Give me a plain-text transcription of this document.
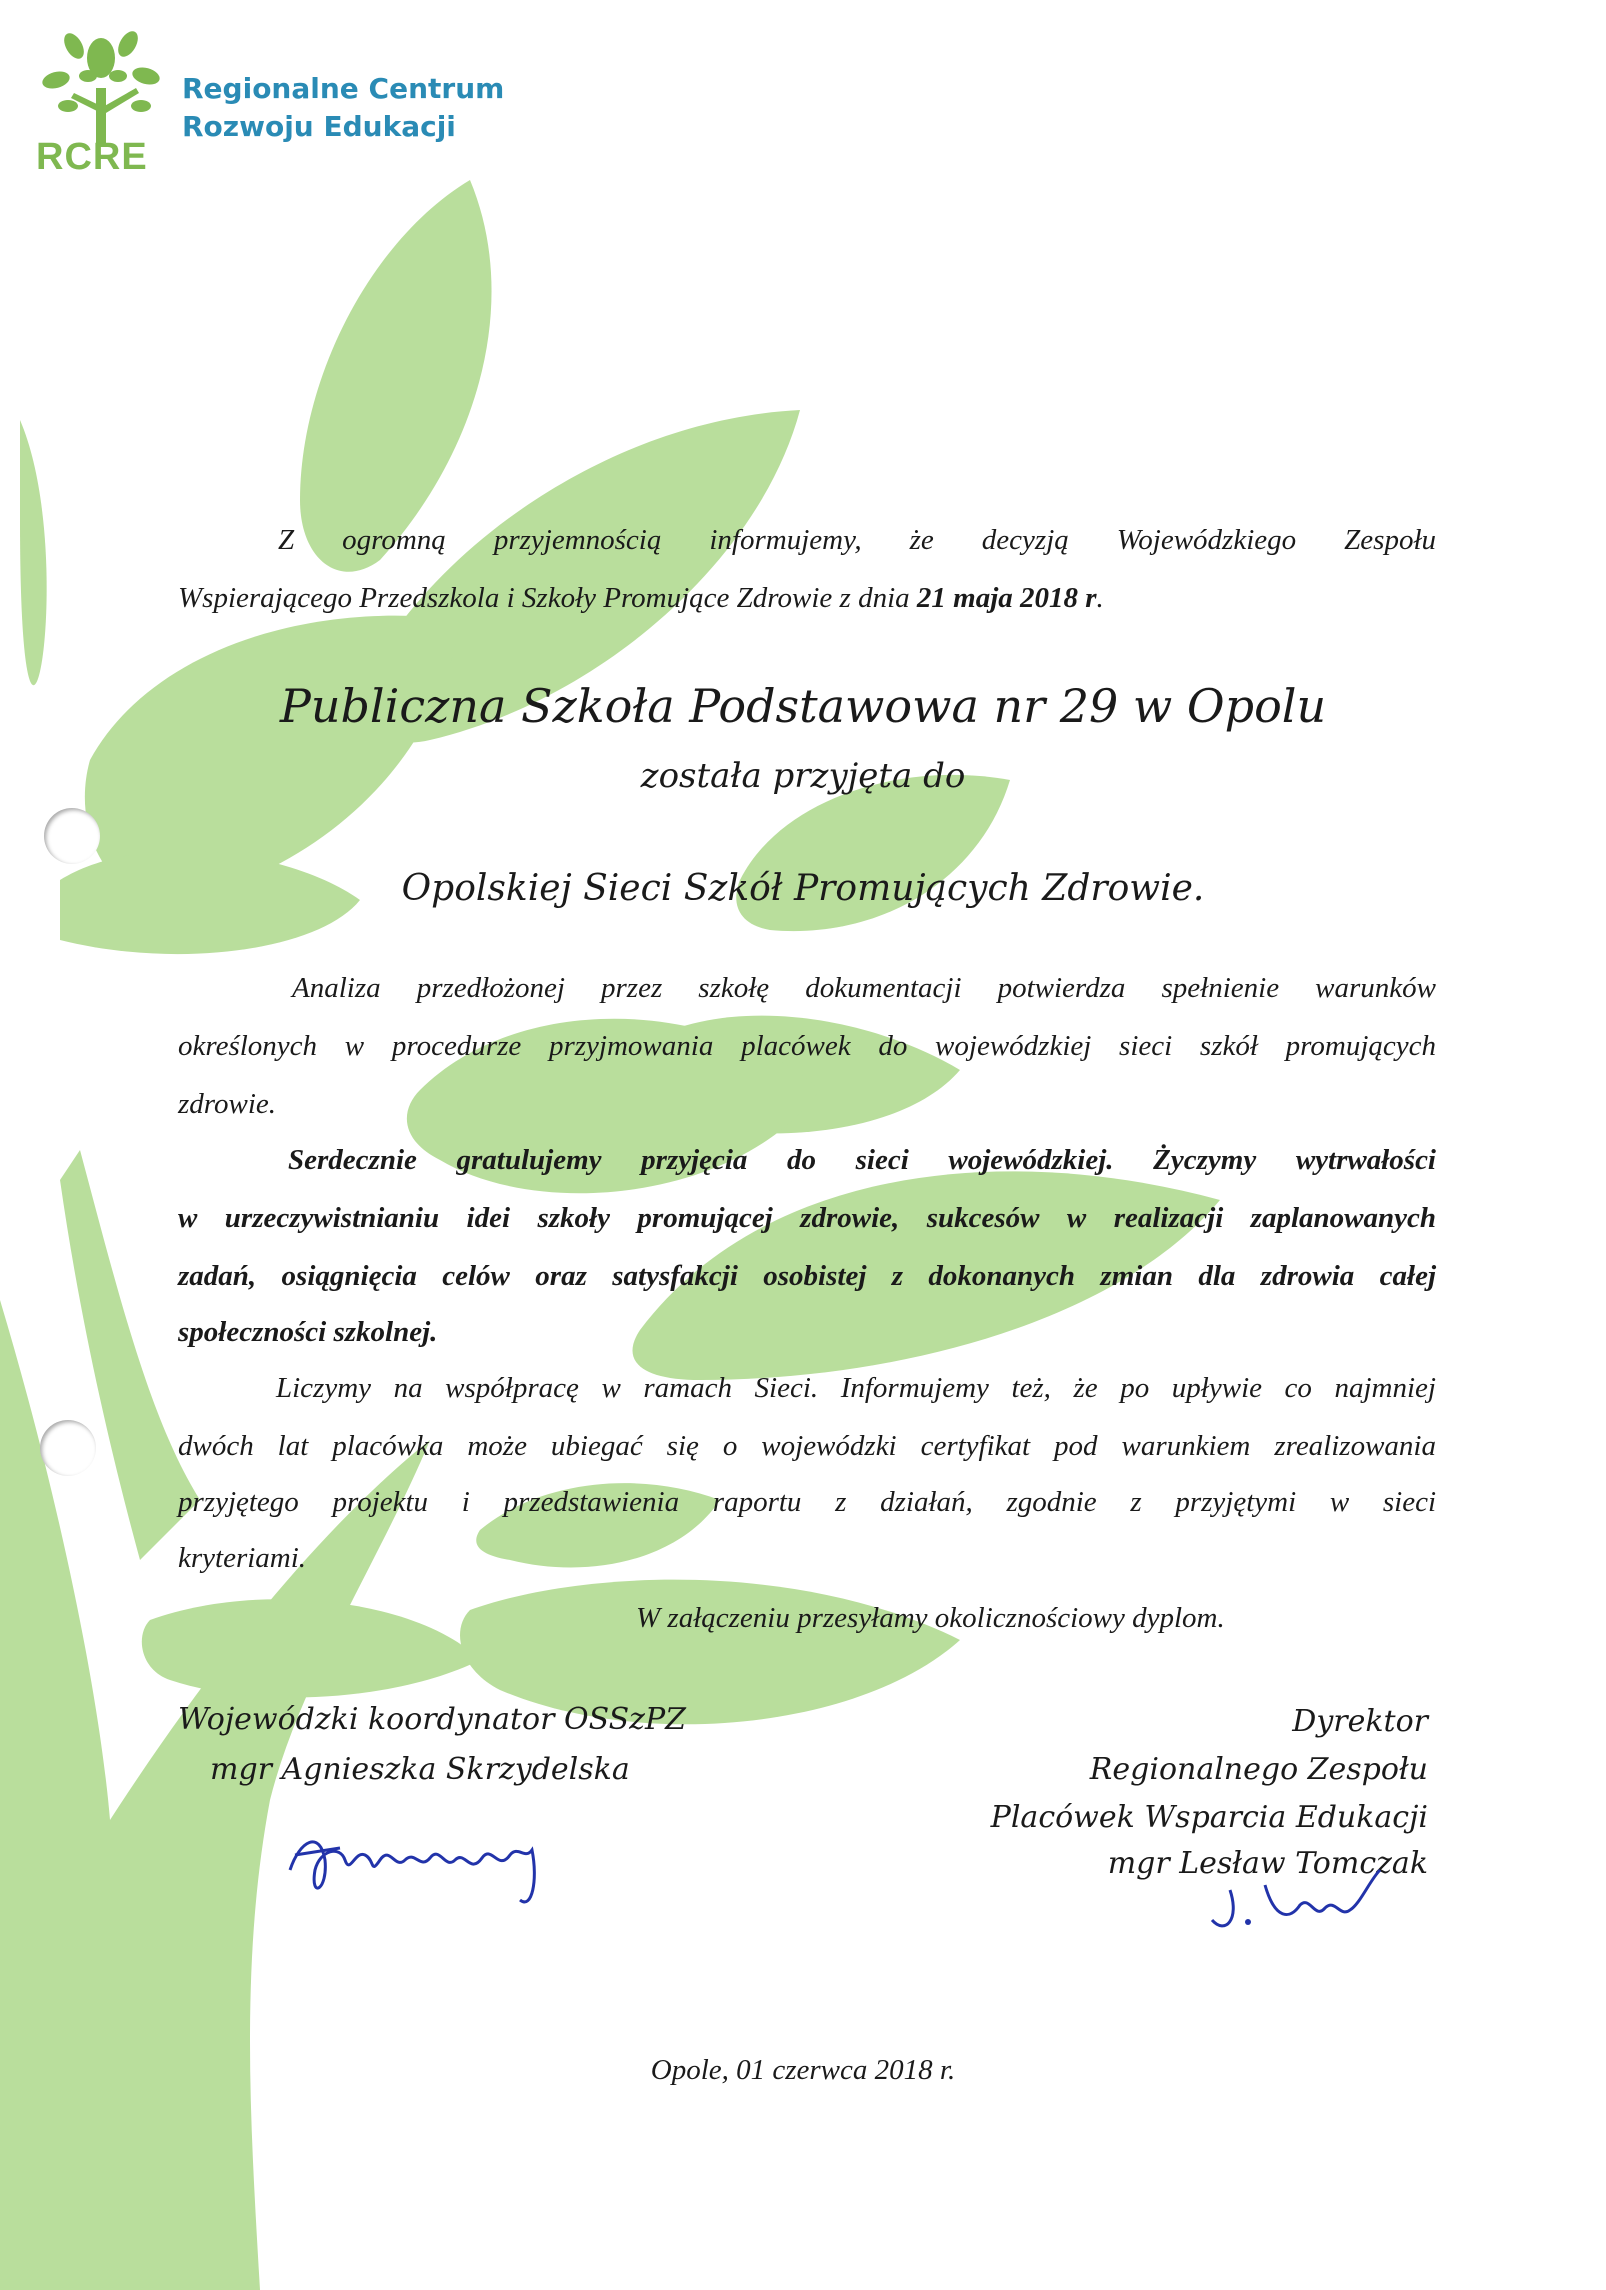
RCRE
Regionalne Centrum
Rozwoju Edukacji
Z ogromną przyjemnością informujemy, że decyzją Wojewódzkiego Zespołu
Wspierającego Przedszkola i Szkoły Promujące Zdrowie z dnia 21 maja 2018 r.
Publiczna Szkoła Podstawowa nr 29 w Opolu
została przyjęta do
Opolskiej Sieci Szkół Promujących Zdrowie.
Analiza przedłożonej przez szkołę dokumentacji potwierdza spełnienie warunków
określonych w procedurze przyjmowania placówek do wojewódzkiej sieci szkół promujących
zdrowie.
Serdecznie gratulujemy przyjęcia do sieci wojewódzkiej. Życzymy wytrwałości
w urzeczywistnianiu idei szkoły promującej zdrowie, sukcesów w realizacji zaplanowanych
zadań, osiągnięcia celów oraz satysfakcji osobistej z dokonanych zmian dla zdrowia całej
społeczności szkolnej.
Liczymy na współpracę w ramach Sieci. Informujemy też, że po upływie co najmniej
dwóch lat placówka może ubiegać się o wojewódzki certyfikat pod warunkiem zrealizowania
przyjętego projektu i przedstawienia raportu z działań, zgodnie z przyjętymi w sieci
kryteriami.
W załączeniu przesyłamy okolicznościowy dyplom.
Wojewódzki koordynator OSSzPZ
mgr Agnieszka Skrzydelska
Dyrektor
Regionalnego Zespołu
Placówek Wsparcia Edukacji
mgr Lesław Tomczak
Opole, 01 czerwca 2018 r.
